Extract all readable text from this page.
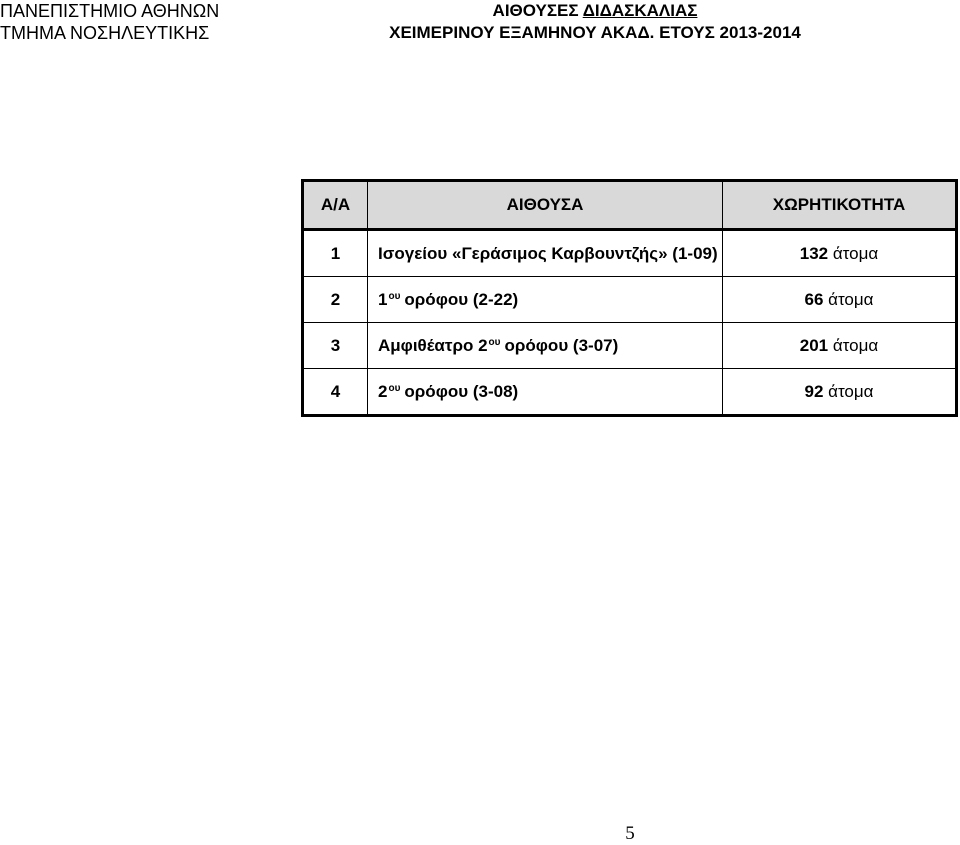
ΠΑΝΕΠΙΣΤΗΜΙΟ ΑΘΗΝΩΝ
ΤΜΗΜΑ ΝΟΣΗΛΕΥΤΙΚΗΣ
ΑΙΘΟΥΣΕΣ ΔΙΔΑΣΚΑΛΙΑΣ
ΧΕΙΜΕΡΙΝΟΥ ΕΞΑΜΗΝΟΥ ΑΚΑΔ. ΕΤΟΥΣ 2013-2014
Α/Α	ΑΙΘΟΥΣΑ	ΧΩΡΗΤΙΚΟΤΗΤΑ
1	Ισογείου «Γεράσιμος Καρβουντζής» (1-09)	132 άτομα
2	$1^{o\upsilon}$ ορόφου (2-22)	66 άτομα
3	Αμφιθέατρο $2^{o\upsilon}$ ορόφου (3-07)	201 άτομα
4	$2^{o\upsilon}$ ορόφου (3-08)	92 άτομα
5
